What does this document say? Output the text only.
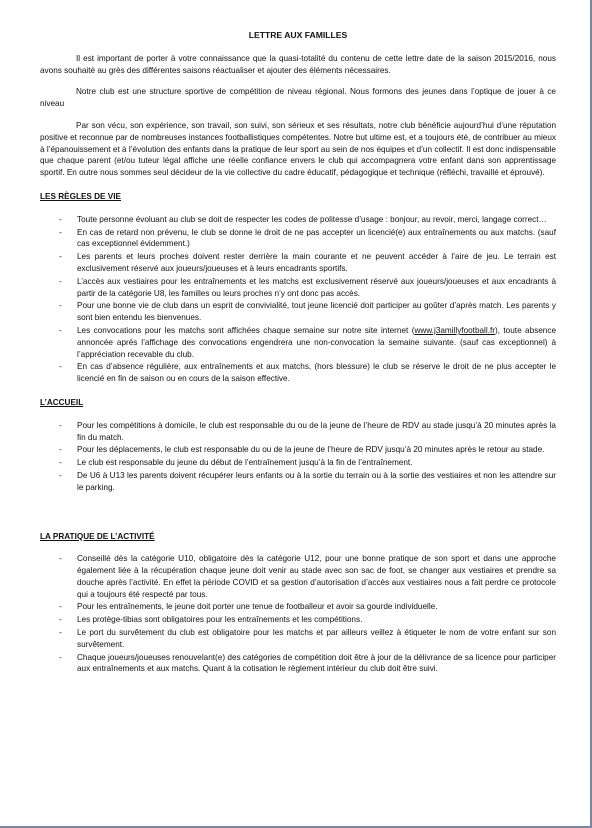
LETTRE AUX FAMILLES

Il est important de porter à votre connaissance que la quasi-totalité du contenu de cette lettre date de la saison 2015/2016, nous avons souhaité au grès des différentes saisons réactualiser et ajouter des éléments nécessaires.

Notre club est une structure sportive de compétition de niveau régional. Nous formons des jeunes dans l’optique de jouer à ce niveau

Par son vécu, son expérience, son travail, son suivi, son sérieux et ses résultats, notre club bénéficie aujourd’hui d’une réputation positive et reconnue par de nombreuses instances footballistiques compétentes. Notre but ultime est, et a toujours été, de contribuer au mieux à l’épanouissement et à l’évolution des enfants dans la pratique de leur sport au sein de nos équipes et d’un collectif. Il est donc indispensable que chaque parent (et/ou tuteur légal affiche une réelle confiance envers le club qui accompagnera votre enfant dans son apprentissage sportif. En outre nous sommes seul décideur de la vie collective du cadre éducatif, pédagogique et technique (réfléchi, travaillé et éprouvé).

LES RÈGLES DE VIE
- Toute personne évoluant au club se doit de respecter les codes de politesse d’usage : bonjour, au revoir, merci, langage correct…
- En cas de retard non prévenu, le club se donne le droit de ne pas accepter un licencié(e) aux entraînements ou aux matchs. (sauf cas exceptionnel évidemment.)
- Les parents et leurs proches doivent rester derrière la main courante et ne peuvent accéder à l’aire de jeu. Le terrain est exclusivement réservé aux joueurs/joueuses et à leurs encadrants sportifs.
- L’accès aux vestiaires pour les entraînements et les matchs est exclusivement réservé aux joueurs/joueuses et aux encadrants à partir de la catégorie U8, les familles ou leurs proches n’y ont donc pas accès.
- Pour une bonne vie de club dans un esprit de convivialité, tout jeune licencié doit participer au goûter d’après match. Les parents y sont bien entendu les bienvenues.
- Les convocations pour les matchs sont affichées chaque semaine sur notre site internet (www.j3amillyfootball.fr), toute absence annoncée après l’affichage des convocations engendrera une non-convocation la semaine suivante. (sauf cas exceptionnel) à l’appréciation recevable du club.
- En cas d’absence régulière, aux entraînements et aux matchs, (hors blessure) le club se réserve le droit de ne plus accepter le licencié en fin de saison ou en cours de la saison effective.
L’ACCUEIL
- Pour les compétitions à domicile, le club est responsable du ou de la jeune de l’heure de RDV au stade jusqu’à 20 minutes après la fin du match.
- Pour les déplacements, le club est responsable du ou de la jeune de l’heure de RDV jusqu’à 20 minutes après le retour au stade.
- Le club est responsable du jeune du début de l’entraînement jusqu’à la fin de l’entraînement.
- De U6 à U13 les parents doivent récupérer leurs enfants ou à la sortie du terrain ou à la sortie des vestiaires et non les attendre sur le parking.
LA PRATIQUE DE L’ACTIVITÉ
- Conseillé dès la catégorie U10, obligatoire dès la catégorie U12, pour une bonne pratique de son sport et dans une approche également liée à la récupération chaque jeune doit venir au stade avec son sac de foot, se changer aux vestiaires et prendre sa douche après l’activité. En effet la période COVID et sa gestion d’autorisation d’accès aux vestiaires nous a fait perdre ce protocole qui a toujours été respecté par tous.
- Pour les entraînements, le jeune doit porter une tenue de footballeur et avoir sa gourde individuelle.
- Les protège-tibias sont obligatoires pour les entraînements et les compétitions.
- Le port du survêtement du club est obligatoire pour les matchs et par ailleurs veillez à étiqueter le nom de votre enfant sur son survêtement.
- Chaque joueurs/joueuses renouvelant(e) des catégories de compétition doit être à jour de la délivrance de sa licence pour participer aux entraînements et aux matchs. Quant à la cotisation le règlement intérieur du club doit être suivi.
